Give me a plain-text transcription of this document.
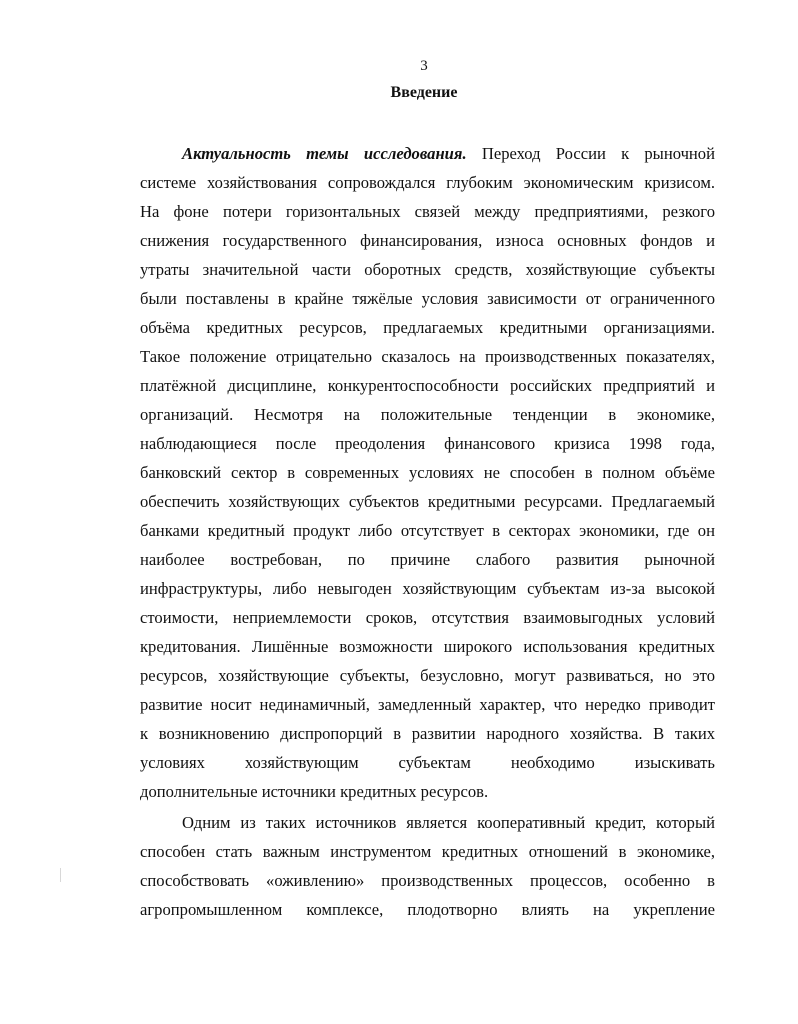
3
Введение
Актуальность темы исследования. Переход России к рыночной
системе хозяйствования сопровождался глубоким экономическим кризисом.
На фоне потери горизонтальных связей между предприятиями, резкого
снижения государственного финансирования, износа основных фондов и
утраты значительной части оборотных средств, хозяйствующие субъекты
были поставлены в крайне тяжёлые условия зависимости от ограниченного
объёма кредитных ресурсов, предлагаемых кредитными организациями.
Такое положение отрицательно сказалось на производственных показателях,
платёжной дисциплине, конкурентоспособности российских предприятий и
организаций. Несмотря на положительные тенденции в экономике,
наблюдающиеся после преодоления финансового кризиса 1998 года,
банковский сектор в современных условиях не способен в полном объёме
обеспечить хозяйствующих субъектов кредитными ресурсами. Предлагаемый
банками кредитный продукт либо отсутствует в секторах экономики, где он
наиболее востребован, по причине слабого развития рыночной
инфраструктуры, либо невыгоден хозяйствующим субъектам из-за высокой
стоимости, неприемлемости сроков, отсутствия взаимовыгодных условий
кредитования. Лишённые возможности широкого использования кредитных
ресурсов, хозяйствующие субъекты, безусловно, могут развиваться, но это
развитие носит нединамичный, замедленный характер, что нередко приводит
к возникновению диспропорций в развитии народного хозяйства. В таких
условиях хозяйствующим субъектам необходимо изыскивать
дополнительные источники кредитных ресурсов.
Одним из таких источников является кооперативный кредит, который
способен стать важным инструментом кредитных отношений в экономике,
способствовать «оживлению» производственных процессов, особенно в
агропромышленном комплексе, плодотворно влиять на укрепление
